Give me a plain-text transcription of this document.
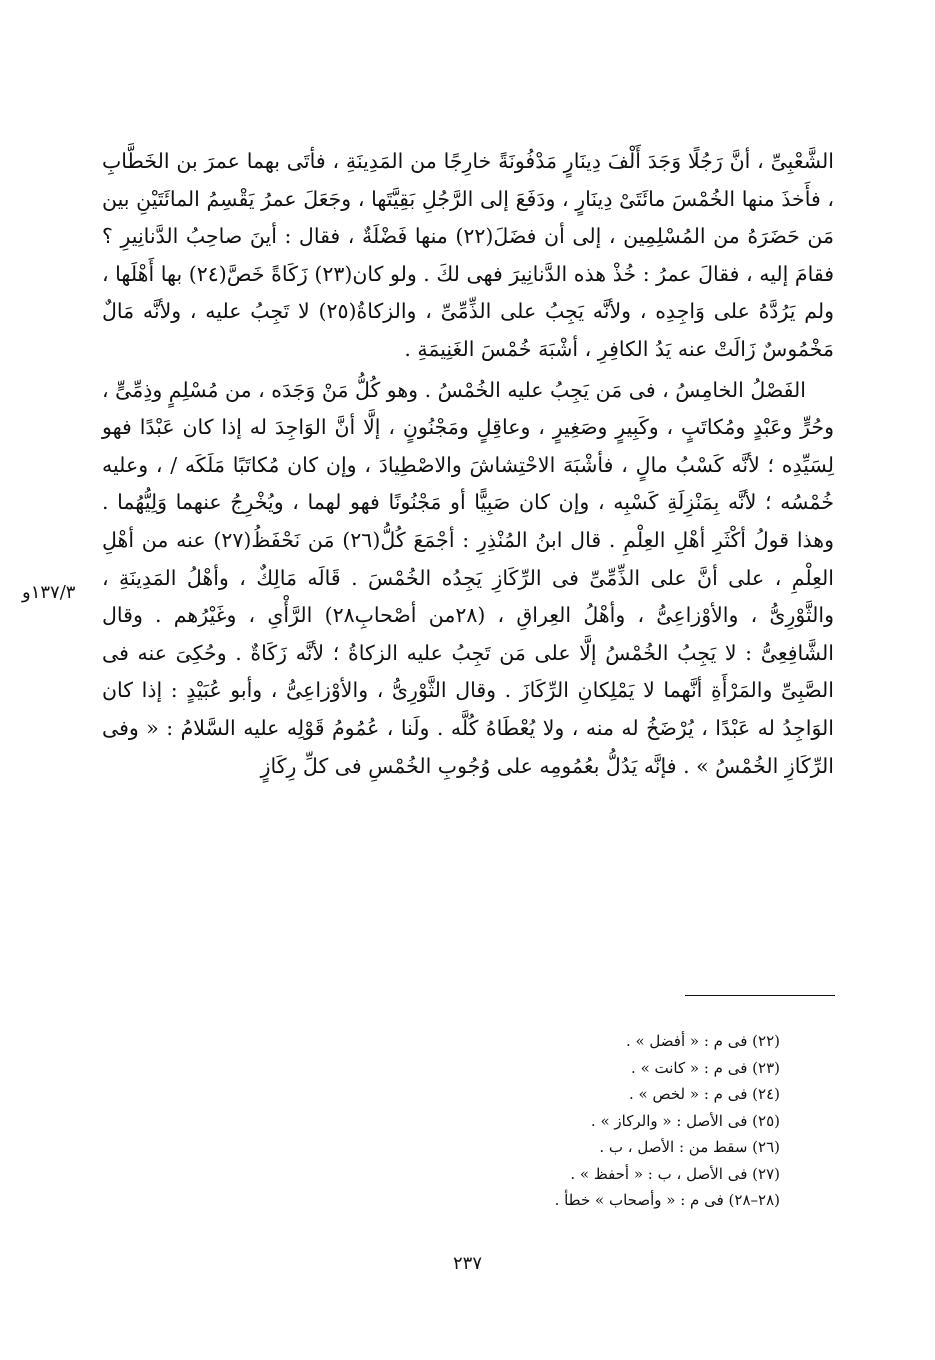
الشَّعْبِىِّ ، أنَّ رَجُلًا وَجَدَ أَلْفَ دِينَارٍ مَدْفُونَةً خارِجًا من المَدِينَةِ ، فأتَى بهما عمرَ بن الخَطَّابِ ، فأَخذَ منها الخُمْسَ مائَتَىْ دِينَارٍ ، ودَفَعَ إلى الرَّجُلِ بَقِيَّتَها ، وجَعَلَ عمرُ يَقْسِمُ المائَتَيْنِ بين مَن حَضَرَهُ من المُسْلِمِين ، إلى أن فضَلَ(٢٢) منها فَضْلَةٌ ، فقال : أينَ صاحِبُ الدَّنانِيرِ ؟ فقامَ إليه ، فقالَ عمرُ : خُذْ هذه الدَّنانِيرَ فهى لكَ . ولو كان(٢٣) زَكَاةً خَصَّ(٢٤) بها أَهْلَها ، ولم يَرُدَّهُ على وَاجِدِه ، ولأنَّه يَجِبُ على الذِّمِّىِّ ، والزكاةُ(٢٥) لا تَجِبُ عليه ، ولأنَّه مَالٌ مَخْمُوسٌ زَالَتْ عنه يَدُ الكافِرِ ، أشْبَهَ خُمْسَ الغَنِيمَةِ .

الفَصْلُ الخامِسُ ، فى مَن يَجِبُ عليه الخُمْسُ . وهو كُلُّ مَنْ وَجَدَه ، من مُسْلِمٍ وذِمِّىٍّ ، وحُرٍّ وعَبْدٍ ومُكاتَبٍ ، وكَبِيرٍ وصَغِيرٍ ، وعاقِلٍ ومَجْنُونٍ ، إلَّا أنَّ الوَاجِدَ له إذا كان عَبْدًا فهو لِسَيِّدِه ؛ لأنَّه كَسْبُ مالٍ ، فأشْبَهَ الاحْتِشاشَ والاصْطِيادَ ، وإن كان مُكاتَبًا مَلَكَه / ، وعليه خُمْسُه ؛ لأنَّه بِمَنْزِلَةِ كَسْبِه ، وإن كان صَبِيًّا أو مَجْنُونًا فهو لهما ، ويُخْرِجُ عنهما وَلِيُّهُما . وهذا قولُ أكْثَرِ أهْلِ العِلْمِ . قال ابنُ المُنْذِرِ : أجْمَعَ كُلُّ(٢٦) مَن نَحْفَظُ(٢٧) عنه من أهْلِ العِلْمِ ، على أنَّ على الذِّمِّىِّ فى الرِّكَازِ يَجِدُه الخُمْسَ . قَالَه مَالِكٌ ، وأهْلُ المَدِينَةِ ، والثَّوْرِىُّ ، والأوْزاعِىُّ ، وأهْلُ العِراقِ ، (٢٨من أصْحابِ٢٨) الرَّأْىِ ، وغَيْرُهم . وقال الشَّافِعِىُّ : لا يَجِبُ الخُمْسُ إلَّا على مَن تَجِبُ عليه الزكاةُ ؛ لأنَّه زَكَاةٌ . وحُكِىَ عنه فى الصَّبِىِّ والمَرْأَةِ أنَّهما لا يَمْلِكانِ الرِّكَازَ . وقال الثَّوْرِىُّ ، والأوْزاعِىُّ ، وأبو عُبَيْدٍ : إذا كان الوَاجِدُ له عَبْدًا ، يُرْضَخُ له منه ، ولا يُعْطَاهُ كُلَّه . ولَنا ، عُمُومُ قَوْلِه عليه السَّلامُ : « وفى الرِّكَازِ الخُمْسُ » . فإنَّه يَدُلُّ بعُمُومِه على وُجُوبِ الخُمْسِ فى كلِّ رِكَازٍ

١٣٧/٣و
(٢٢) فى م : « أفضل » .
(٢٣) فى م : « كانت » .
(٢٤) فى م : « لخص » .
(٢٥) فى الأصل : « والركاز » .
(٢٦) سقط من : الأصل ، ب .
(٢٧) فى الأصل ، ب : « أحفظ » .
(٢٨–٢٨) فى م : « وأصحاب » خطأ .
٢٣٧
